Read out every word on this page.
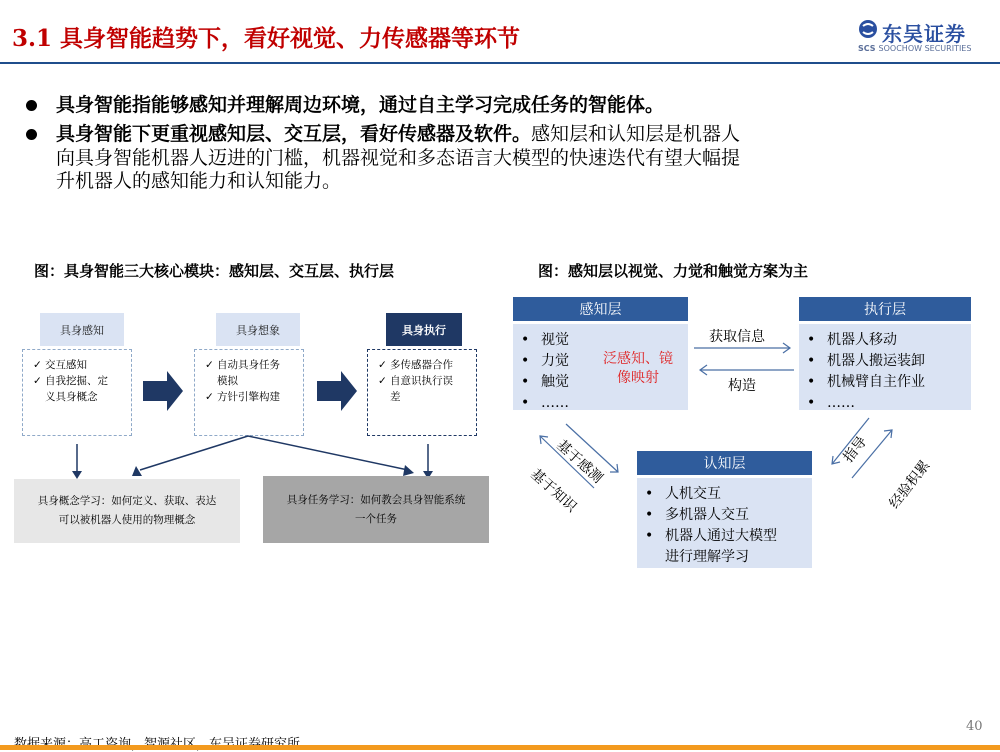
3.1 具身智能趋势下，看好视觉、力传感器等环节	东吴证券
SCS SOOCHOW SECURITIES
具身智能指能够感知并理解周边环境，通过自主学习完成任务的智能体。
具身智能下更重视感知层、交互层，看好传感器及软件。感知层和认知层是机器人
向具身智能机器人迈进的门槛，机器视觉和多态语言大模型的快速迭代有望大幅提
升机器人的感知能力和认知能力。
图：具身智能三大核心模块：感知层、交互层、执行层	图：感知层以视觉、力觉和触觉方案为主
具身感知	具身想象	具身执行
✓ 交互感知
✓ 自我挖掘、定
义具身概念
✓ 自动具身任务
模拟
✓ 方针引擎构建
✓ 多传感器合作
✓ 自意识执行误
差
具身概念学习：如何定义、获取、表达
可以被机器人使用的物理概念
具身任务学习：如何教会具身智能系统
一个任务
感知层
• 视觉
• 力觉
• 触觉
• ……
泛感知、镜
像映射
执行层
• 机器人移动
• 机器人搬运装卸
• 机械臂自主作业
• ……
认知层
• 人机交互
• 多机器人交互
• 机器人通过大模型
进行理解学习
获取信息
构造
基于感测
基于知识
指导
经验积累
40
